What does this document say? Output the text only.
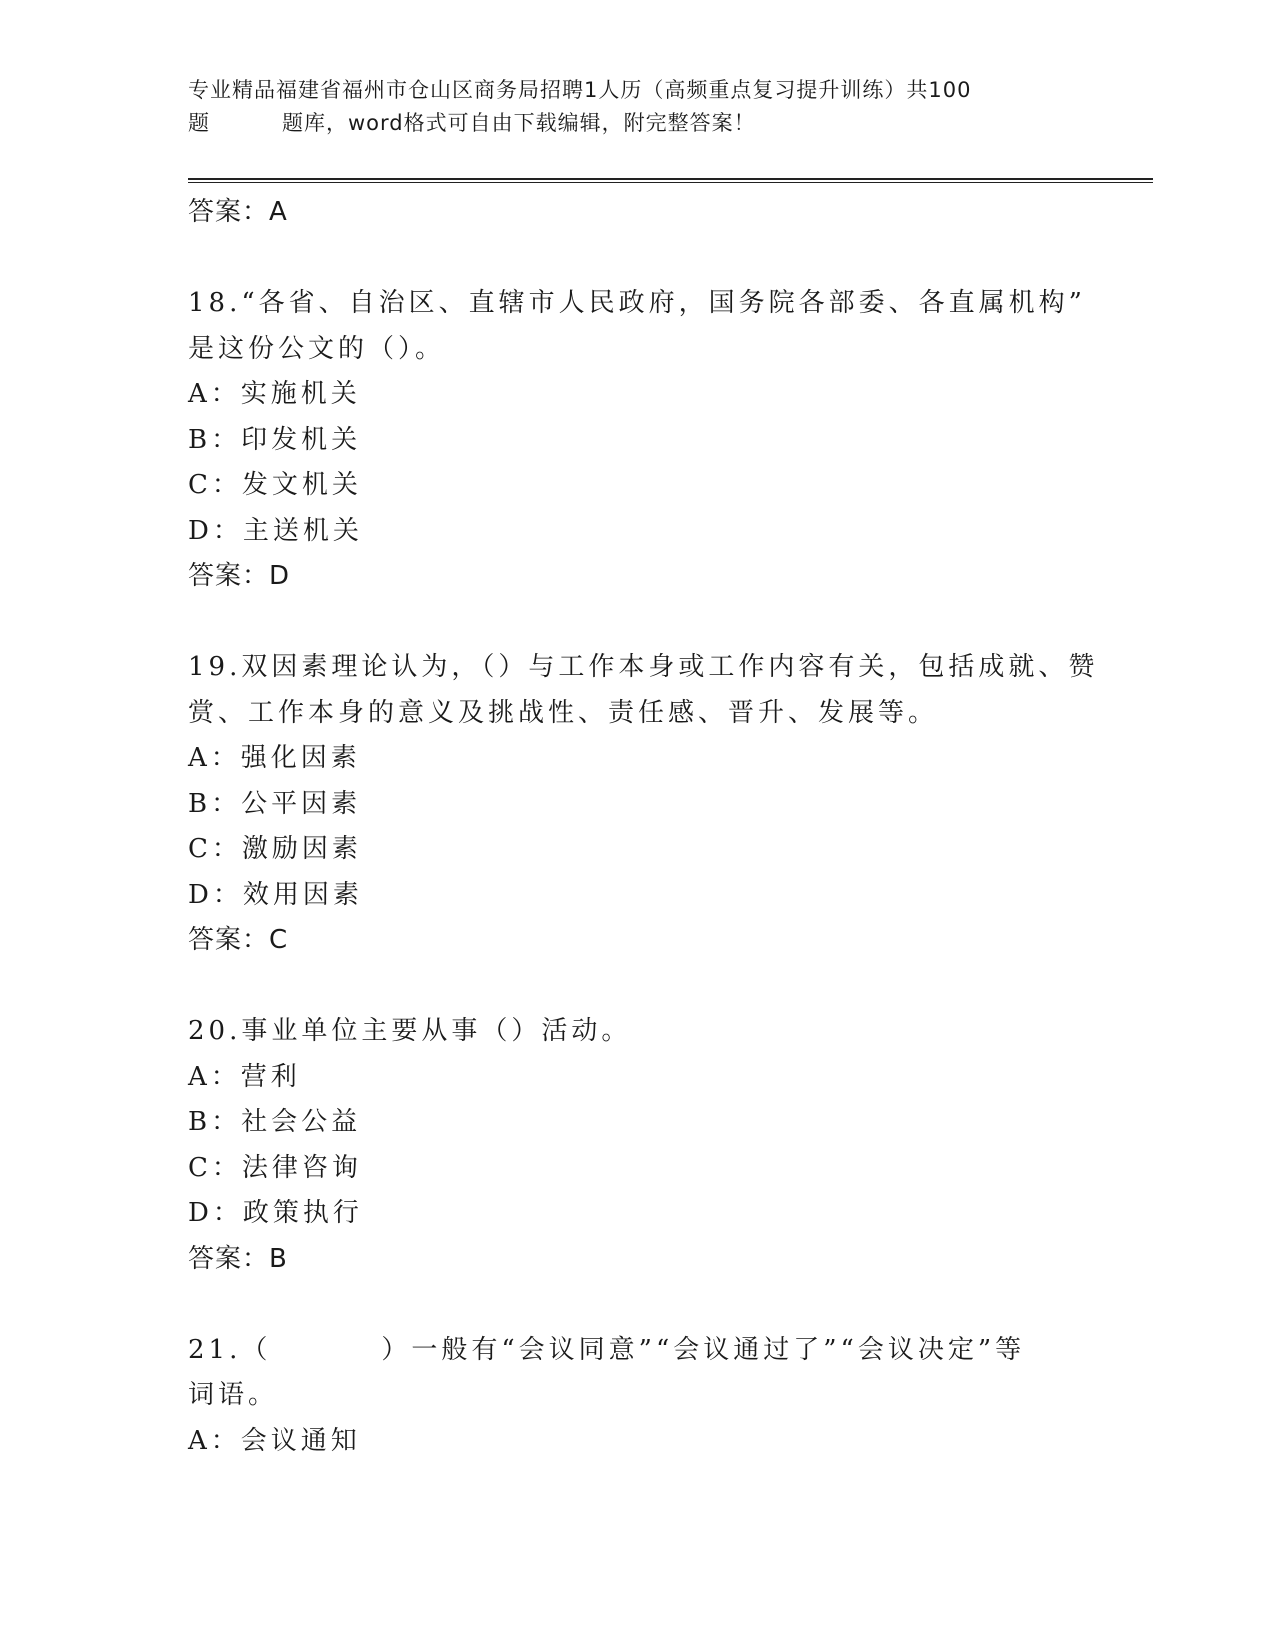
专业精品福建省福州市仓山区商务局招聘1人历（高频重点复习提升训练）共100
题	题库，word格式可自由下载编辑，附完整答案！
答案：A
18.“各省、自治区、直辖市人民政府，国务院各部委、各直属机构”
是这份公文的（）。
A：实施机关
B：印发机关
C：发文机关
D：主送机关
答案：D
19.双因素理论认为，（）与工作本身或工作内容有关，包括成就、赞
赏、工作本身的意义及挑战性、责任感、晋升、发展等。
A：强化因素
B：公平因素
C：激励因素
D：效用因素
答案：C
20.事业单位主要从事（）活动。
A：营利
B：社会公益
C：法律咨询
D：政策执行
答案：B
21.（	）一般有“会议同意”“会议通过了”“会议决定”等
词语。
A：会议通知
